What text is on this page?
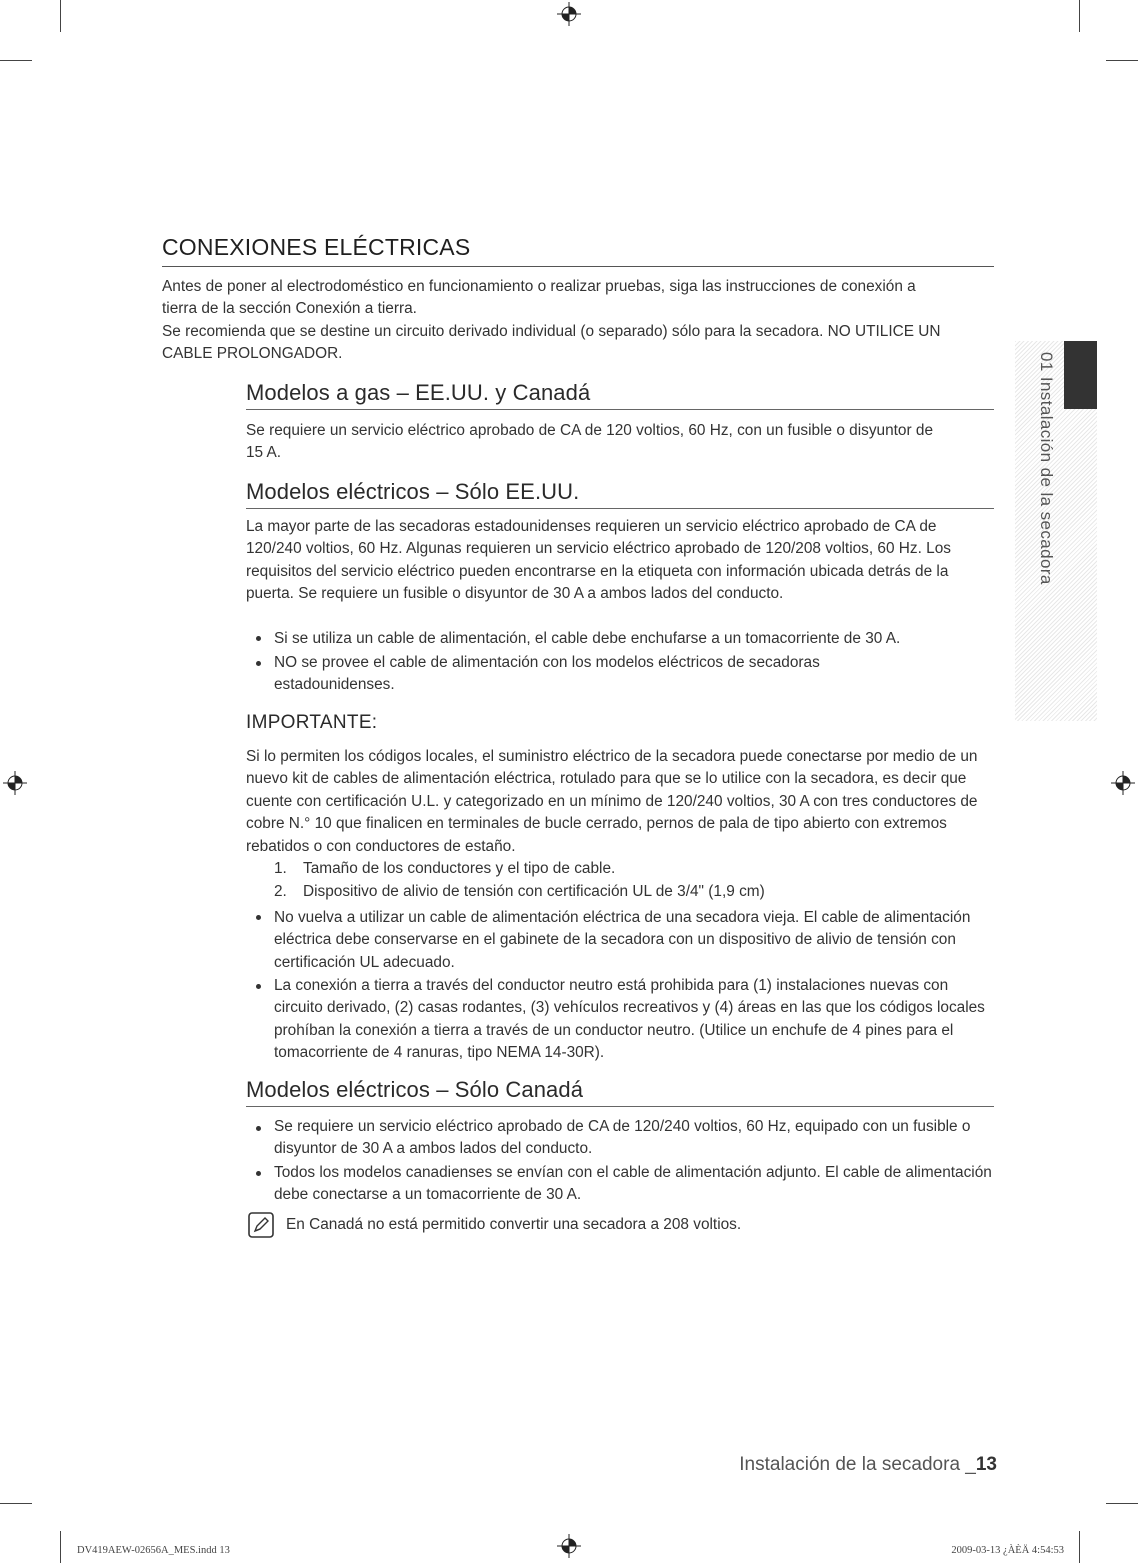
CONEXIONES ELÉCTRICAS
Antes de poner al electrodoméstico en funcionamiento o realizar pruebas, siga las instrucciones de conexión a tierra de la sección Conexión a tierra.
Se recomienda que se destine un circuito derivado individual (o separado) sólo para la secadora. NO UTILICE UN CABLE PROLONGADOR.
Modelos a gas – EE.UU. y Canadá
Se requiere un servicio eléctrico aprobado de CA de 120 voltios, 60 Hz, con un fusible o disyuntor de 15 A.
Modelos eléctricos – Sólo EE.UU.
La mayor parte de las secadoras estadounidenses requieren un servicio eléctrico aprobado de CA de 120/240 voltios, 60 Hz. Algunas requieren un servicio eléctrico aprobado de 120/208 voltios, 60 Hz. Los requisitos del servicio eléctrico pueden encontrarse en la etiqueta con información ubicada detrás de la puerta. Se requiere un fusible o disyuntor de 30 A a ambos lados del conducto.
Si se utiliza un cable de alimentación, el cable debe enchufarse a un tomacorriente de 30 A.
NO se provee el cable de alimentación con los modelos eléctricos de secadoras estadounidenses.
IMPORTANTE:
Si lo permiten los códigos locales, el suministro eléctrico de la secadora puede conectarse por medio de un nuevo kit de cables de alimentación eléctrica, rotulado para que se lo utilice con la secadora, es decir que cuente con certificación U.L. y categorizado en un mínimo de 120/240 voltios, 30 A con tres conductores de cobre N.° 10 que finalicen en terminales de bucle cerrado, pernos de pala de tipo abierto con extremos rebatidos o con conductores de estaño.
1. Tamaño de los conductores y el tipo de cable.
2. Dispositivo de alivio de tensión con certificación UL de 3/4" (1,9 cm)
No vuelva a utilizar un cable de alimentación eléctrica de una secadora vieja. El cable de alimentación eléctrica debe conservarse en el gabinete de la secadora con un dispositivo de alivio de tensión con certificación UL adecuado.
La conexión a tierra a través del conductor neutro está prohibida para (1) instalaciones nuevas con circuito derivado, (2) casas rodantes, (3) vehículos recreativos y (4) áreas en las que los códigos locales prohíban la conexión a tierra a través de un conductor neutro. (Utilice un enchufe de 4 pines para el tomacorriente de 4 ranuras, tipo NEMA 14-30R).
Modelos eléctricos – Sólo Canadá
Se requiere un servicio eléctrico aprobado de CA de 120/240 voltios, 60 Hz, equipado con un fusible o disyuntor de 30 A a ambos lados del conducto.
Todos los modelos canadienses se envían con el cable de alimentación adjunto. El cable de alimentación debe conectarse a un tomacorriente de 30 A.
En Canadá no está permitido convertir una secadora a 208 voltios.
01 Instalación de la secadora
Instalación de la secadora _13
DV419AEW-02656A_MES.indd 13	2009-03-13 ¿ÀÈÄ 4:54:53
